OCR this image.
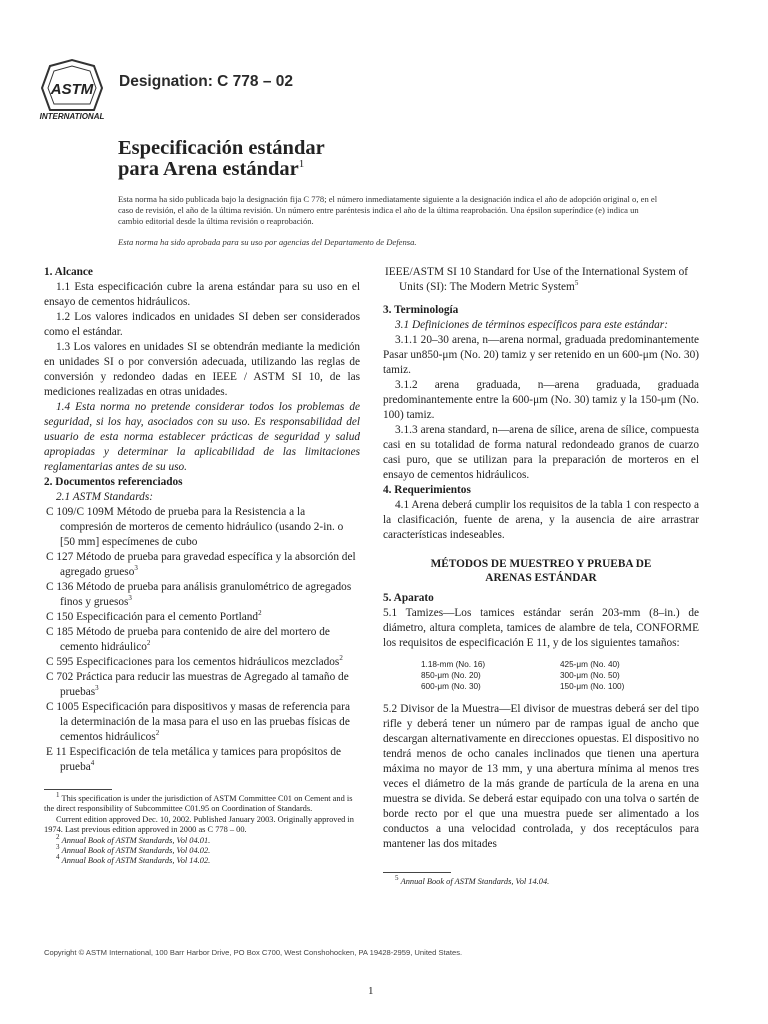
ASTM
INTERNATIONAL
Designation: C 778 – 02
Especificación estándar
para Arena estándar$^1$

Esta norma ha sido publicada bajo la designación fija C 778; el número inmediatamente siguiente a la designación indica el año de adopción original o, en el caso de revisión, el año de la última revisión. Un número entre paréntesis indica el año de la última reaprobación. Una épsilon superíndice (e) indica un cambio editorial desde la última revisión o reaprobación.

Esta norma ha sido aprobada para su uso por agencias del Departamento de Defensa.

1. Alcance

1.1 Esta especificación cubre la arena estándar para su uso en el ensayo de cementos hidráulicos.

1.2 Los valores indicados en unidades SI deben ser considerados como el estándar.

1.3 Los valores en unidades SI se obtendrán mediante la medición en unidades SI o por conversión adecuada, utilizando las reglas de conversión y redondeo dadas en IEEE / ASTM SI 10, de las mediciones realizadas en otras unidades.

1.4 Esta norma no pretende considerar todos los problemas de seguridad, si los hay, asociados con su uso. Es responsabilidad del usuario de esta norma establecer prácticas de seguridad y salud apropiadas y determinar la aplicabilidad de las limitaciones reglamentarias antes de su uso.

2. Documentos referenciados

2.1 ASTM Standards:

C 109/C 109M Método de prueba para la Resistencia a la compresión de morteros de cemento hidráulico (usando 2-in. o [50 mm] especímenes de cubo

C 127 Método de prueba para gravedad específica y la absorción del agregado grueso$^3$

C 136 Método de prueba para análisis granulométrico de agregados finos y gruesos$^3$

C 150 Especificación para el cemento Portland$^2$

C 185 Método de prueba para contenido de aire del mortero de cemento hidráulico$^2$

C 595 Especificaciones para los cementos hidráulicos mezclados$^2$

C 702 Práctica para reducir las muestras de Agregado al tamaño de pruebas$^3$

C 1005 Especificación para dispositivos y masas de referencia para la determinación de la masa para el uso en las pruebas físicas de cementos hidráulicos$^2$

E 11 Especificación de tela metálica y tamices para propósitos de prueba$^4$

$^1$ This specification is under the jurisdiction of ASTM Committee C01 on Cement and is the direct responsibility of Subcommittee C01.95 on Coordination of Standards.
Current edition approved Dec. 10, 2002. Published January 2003. Originally approved in 1974. Last previous edition approved in 2000 as C 778 – 00.
$^2$ Annual Book of ASTM Standards, Vol 04.01.
$^3$ Annual Book of ASTM Standards, Vol 04.02.
$^4$ Annual Book of ASTM Standards, Vol 14.02.

IEEE/ASTM SI 10 Standard for Use of the International System of Units (SI): The Modern Metric System$^5$

3. Terminología

3.1 Definiciones de términos específicos para este estándar:

3.1.1 20–30 arena, n—arena normal, graduada predominantemente Pasar un850-μm (No. 20) tamiz y ser retenido en un 600-μm (No. 30) tamiz.

3.1.2 arena graduada, n—arena graduada, graduada predominantemente entre la 600-μm (No. 30) tamiz y la 150-μm (No. 100) tamiz.

3.1.3 arena standard, n—arena de sílice, arena de sílice, compuesta casi en su totalidad de forma natural redondeado granos de cuarzo casi puro, que se utilizan para la preparación de morteros en el ensayo de cementos hidráulicos.

4. Requerimientos

4.1 Arena deberá cumplir los requisitos de la tabla 1 con respecto a la clasificación, fuente de arena, y la ausencia de aire arrastrar características indeseables.

MÉTODOS DE MUESTREO Y PRUEBA DE
ARENAS ESTÁNDAR

5. Aparato

5.1 Tamizes—Los tamices estándar serán 203-mm (8–in.) de diámetro, altura completa, tamices de alambre de tela, CONFORME los requisitos de especificación E 11, y de los siguientes tamaños:

1.18-mm (No. 16)	425-μm (No. 40)
850-μm (No. 20)	300-μm (No. 50)
600-μm (No. 30)	150-μm (No. 100)

5.2 Divisor de la Muestra—El divisor de muestras deberá ser del tipo rifle y deberá tener un número par de rampas igual de ancho que descargan alternativamente en direcciones opuestas. El dispositivo no tendrá menos de ocho canales inclinados que tienen una apertura máxima no mayor de 13 mm, y una abertura mínima al menos tres veces el diámetro de la más grande de partícula de la arena en una muestra se divida. Se deberá estar equipado con una tolva o sartén de borde recto por el que una muestra puede ser alimentado a los conductos a una velocidad controlada, y dos receptáculos para mantener las dos mitades

$^5$ Annual Book of ASTM Standards, Vol 14.04.
Copyright © ASTM International, 100 Barr Harbor Drive, PO Box C700, West Conshohocken, PA 19428-2959, United States.
1
